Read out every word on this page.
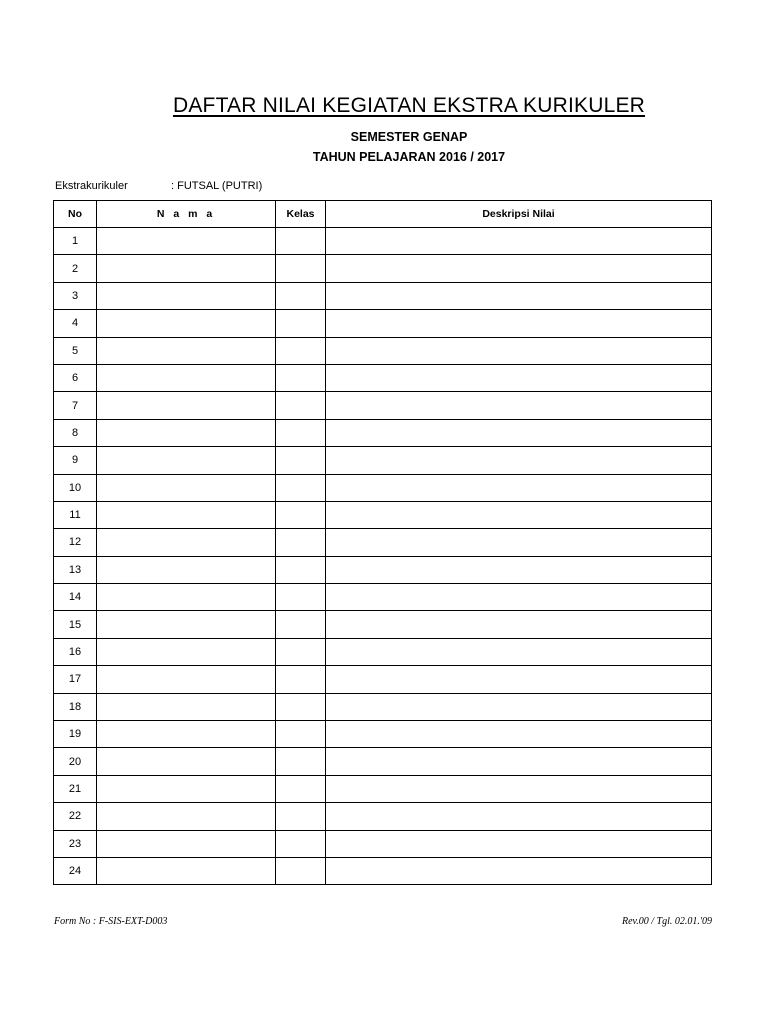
DAFTAR NILAI KEGIATAN EKSTRA KURIKULER
SEMESTER GENAP
TAHUN PELAJARAN 2016 / 2017
Ekstrakurikuler	: FUTSAL (PUTRI)
No	N a m a	Kelas	Deskripsi Nilai
1			
2			
3			
4			
5			
6			
7			
8			
9			
10			
11			
12			
13			
14			
15			
16			
17			
18			
19			
20			
21			
22			
23			
24			
Form No : F-SIS-EXT-D003	Rev.00 / Tgl. 02.01.'09
